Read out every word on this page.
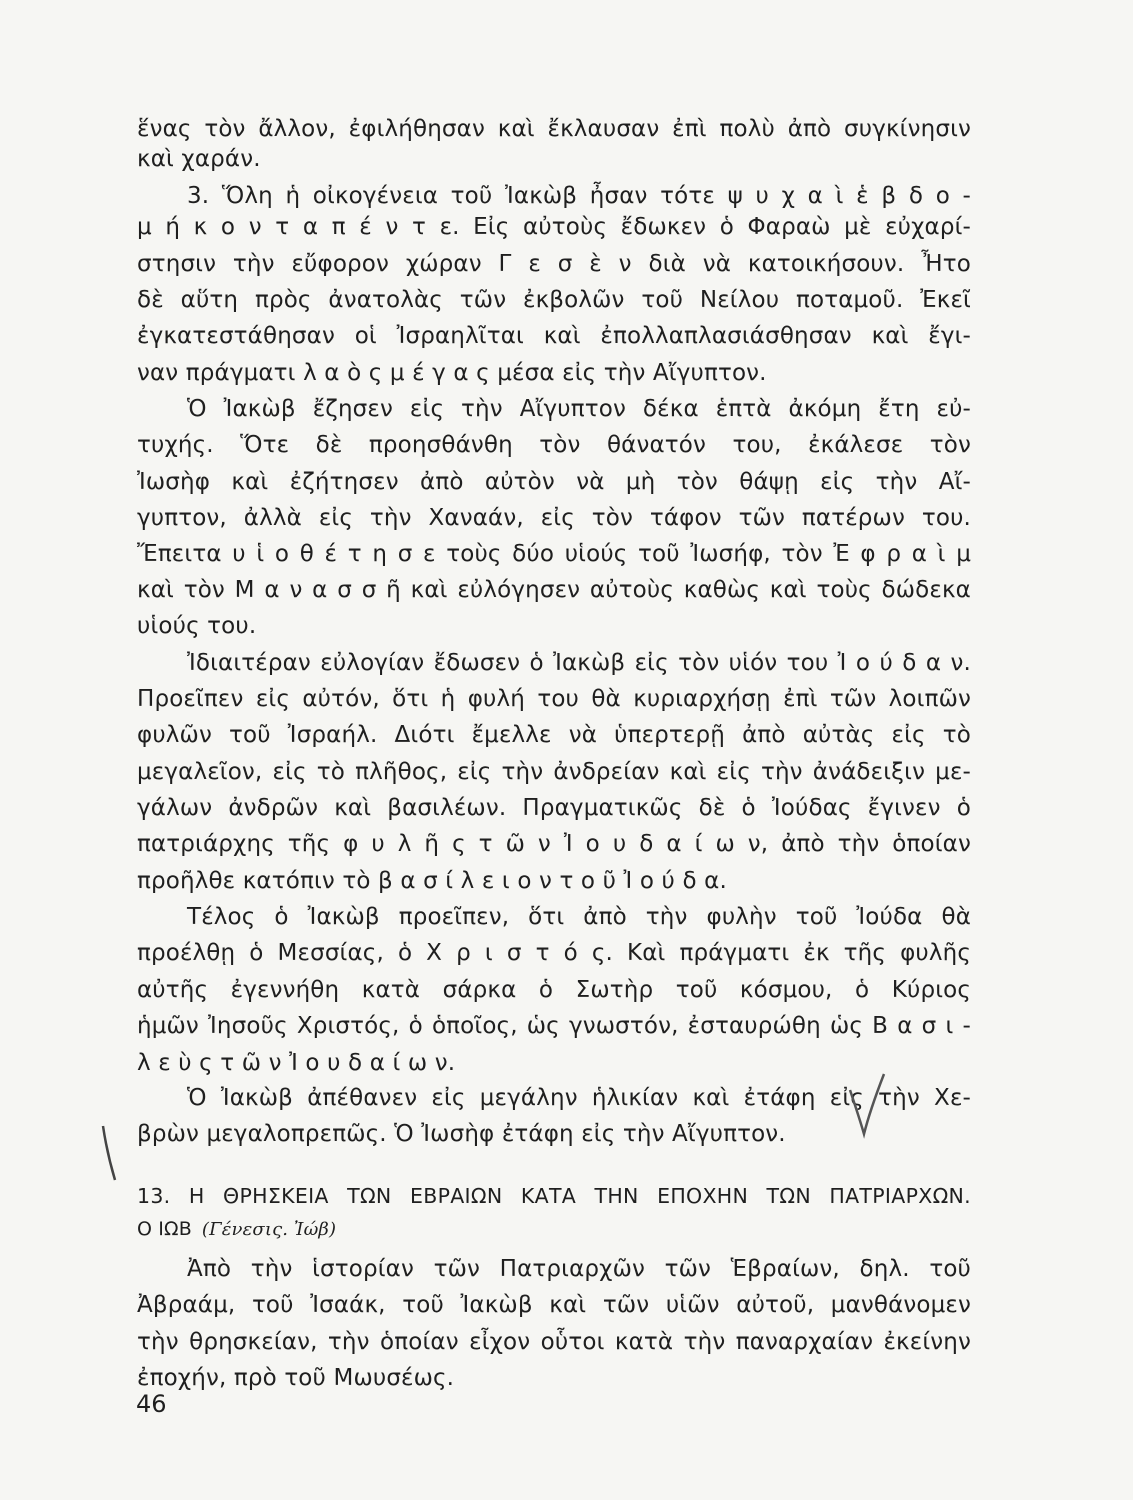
ἕνας τὸν ἄλλον, ἐφιλήθησαν καὶ ἔκλαυσαν ἐπὶ πολὺ ἀπὸ συγκίνησιν
καὶ χαράν.
3. Ὅλη ἡ οἰκογένεια τοῦ Ἰακὼβ ἦσαν τότε ψ υ χ α ὶ ἑ β δ ο -
μ ή κ ο ν τ α π έ ν τ ε. Εἰς αὐτοὺς ἔδωκεν ὁ Φαραὼ μὲ εὐχαρί-
στησιν τὴν εὔφορον χώραν Γ ε σ ὲ ν διὰ νὰ κατοικήσουν. Ἦτο
δὲ αὕτη πρὸς ἀνατολὰς τῶν ἐκβολῶν τοῦ Νείλου ποταμοῦ. Ἐκεῖ
ἐγκατεστάθησαν οἱ Ἰσραηλῖται καὶ ἐπολλαπλασιάσθησαν καὶ ἔγι-
ναν πράγματι λ α ὸ ς μ έ γ α ς μέσα εἰς τὴν Αἴγυπτον.
Ὁ Ἰακὼβ ἔζησεν εἰς τὴν Αἴγυπτον δέκα ἑπτὰ ἀκόμη ἔτη εὐ-
τυχής. Ὅτε δὲ προησθάνθη τὸν θάνατόν του, ἐκάλεσε τὸν
Ἰωσὴφ καὶ ἐζήτησεν ἀπὸ αὐτὸν νὰ μὴ τὸν θάψῃ εἰς τὴν Αἴ-
γυπτον, ἀλλὰ εἰς τὴν Χαναάν, εἰς τὸν τάφον τῶν πατέρων του.
Ἔπειτα υ ἱ ο θ έ τ η σ ε τοὺς δύο υἱούς τοῦ Ἰωσήφ, τὸν Ἐ φ ρ α ὶ μ
καὶ τὸν Μ α ν α σ σ ῆ καὶ εὐλόγησεν αὐτοὺς καθὼς καὶ τοὺς δώδεκα
υἱούς του.
Ἰδιαιτέραν εὐλογίαν ἔδωσεν ὁ Ἰακὼβ εἰς τὸν υἱόν του Ἰ ο ύ δ α ν.
Προεῖπεν εἰς αὐτόν, ὅτι ἡ φυλή του θὰ κυριαρχήσῃ ἐπὶ τῶν λοιπῶν
φυλῶν τοῦ Ἰσραήλ. Διότι ἔμελλε νὰ ὑπερτερῇ ἀπὸ αὐτὰς εἰς τὸ
μεγαλεῖον, εἰς τὸ πλῆθος, εἰς τὴν ἀνδρείαν καὶ εἰς τὴν ἀνάδειξιν με-
γάλων ἀνδρῶν καὶ βασιλέων. Πραγματικῶς δὲ ὁ Ἰούδας ἔγινεν ὁ
πατριάρχης τῆς φ υ λ ῆ ς τ ῶ ν Ἰ ο υ δ α ί ω ν, ἀπὸ τὴν ὁποίαν
προῆλθε κατόπιν τὸ β α σ ί λ ε ι ο ν τ ο ῦ Ἰ ο ύ δ α.
Τέλος ὁ Ἰακὼβ προεῖπεν, ὅτι ἀπὸ τὴν φυλὴν τοῦ Ἰούδα θὰ
προέλθῃ ὁ Μεσσίας, ὁ Χ ρ ι σ τ ό ς. Καὶ πράγματι ἐκ τῆς φυλῆς
αὐτῆς ἐγεννήθη κατὰ σάρκα ὁ Σωτὴρ τοῦ κόσμου, ὁ Κύριος
ἡμῶν Ἰησοῦς Χριστός, ὁ ὁποῖος, ὡς γνωστόν, ἐσταυρώθη ὡς Β α σ ι -
λ ε ὺ ς τ ῶ ν Ἰ ο υ δ α ί ω ν.
Ὁ Ἰακὼβ ἀπέθανεν εἰς μεγάλην ἡλικίαν καὶ ἐτάφη εἰς τὴν Χε-
βρὼν μεγαλοπρεπῶς. Ὁ Ἰωσὴφ ἐτάφη εἰς τὴν Αἴγυπτον.
13. Η ΘΡΗΣΚΕΙΑ ΤΩΝ ΕΒΡΑΙΩΝ ΚΑΤΑ ΤΗΝ ΕΠΟΧΗΝ ΤΩΝ ΠΑΤΡΙΑΡΧΩΝ.
Ο ΙΩΒ (Γένεσις. Ἰώβ)
Ἀπὸ τὴν ἱστορίαν τῶν Πατριαρχῶν τῶν Ἑβραίων, δηλ. τοῦ
Ἀβραάμ, τοῦ Ἰσαάκ, τοῦ Ἰακὼβ καὶ τῶν υἱῶν αὐτοῦ, μανθάνομεν
τὴν θρησκείαν, τὴν ὁποίαν εἶχον οὗτοι κατὰ τὴν παναρχαίαν ἐκείνην
ἐποχήν, πρὸ τοῦ Μωυσέως.
46
